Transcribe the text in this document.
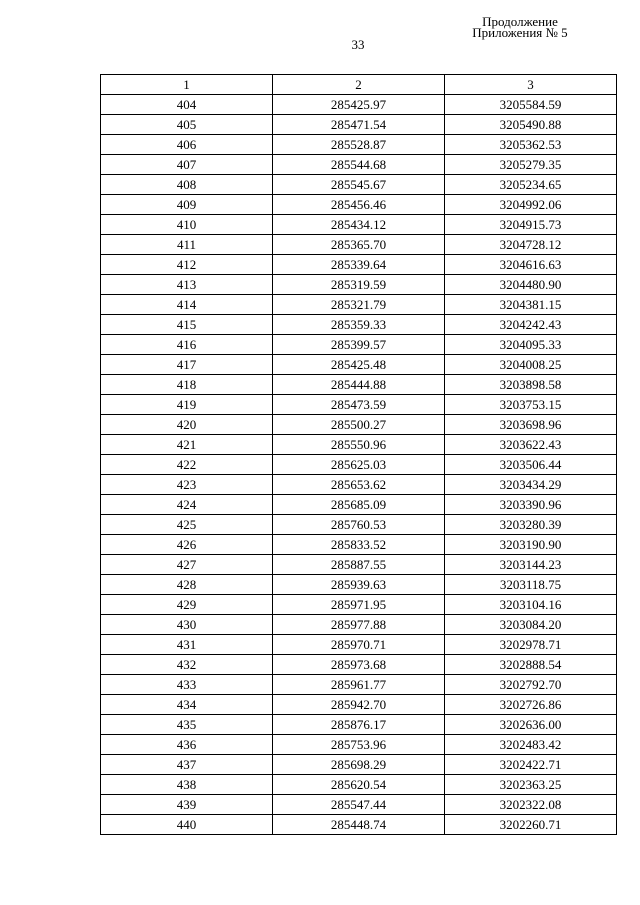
Продолжение
Приложения № 5
33
1	2	3
404	285425.97	3205584.59
405	285471.54	3205490.88
406	285528.87	3205362.53
407	285544.68	3205279.35
408	285545.67	3205234.65
409	285456.46	3204992.06
410	285434.12	3204915.73
411	285365.70	3204728.12
412	285339.64	3204616.63
413	285319.59	3204480.90
414	285321.79	3204381.15
415	285359.33	3204242.43
416	285399.57	3204095.33
417	285425.48	3204008.25
418	285444.88	3203898.58
419	285473.59	3203753.15
420	285500.27	3203698.96
421	285550.96	3203622.43
422	285625.03	3203506.44
423	285653.62	3203434.29
424	285685.09	3203390.96
425	285760.53	3203280.39
426	285833.52	3203190.90
427	285887.55	3203144.23
428	285939.63	3203118.75
429	285971.95	3203104.16
430	285977.88	3203084.20
431	285970.71	3202978.71
432	285973.68	3202888.54
433	285961.77	3202792.70
434	285942.70	3202726.86
435	285876.17	3202636.00
436	285753.96	3202483.42
437	285698.29	3202422.71
438	285620.54	3202363.25
439	285547.44	3202322.08
440	285448.74	3202260.71
